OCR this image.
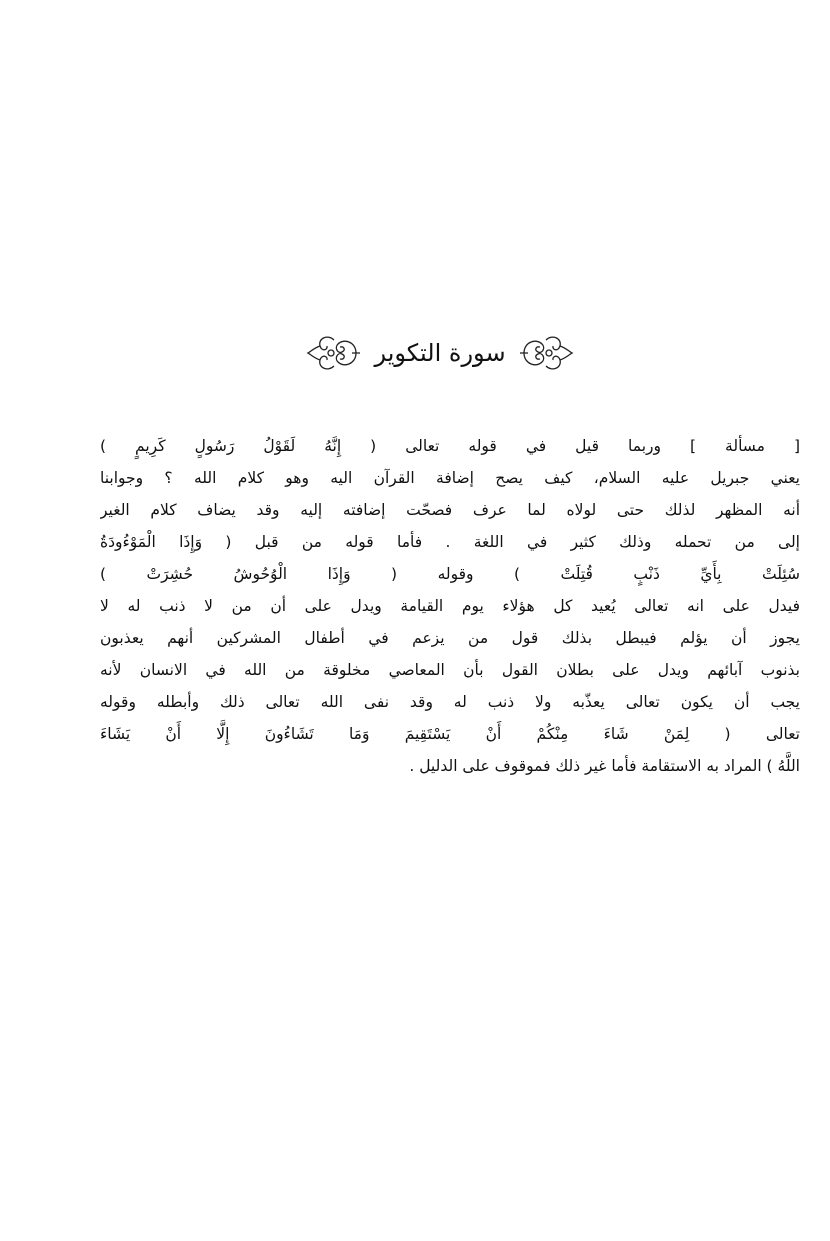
سورة التكوير
[ مسألة ] وربما قيل في قوله تعالى ( إِنَّهُ لَقَوْلُ رَسُولٍ كَرِيمٍ )
يعني جبريل عليه السلام، كيف يصح إضافة القرآن اليه وهو كلام الله ؟ وجوابنا
أنه المظهر لذلك حتى لولاه لما عرف فصحّت إضافته إليه وقد يضاف كلام الغير
إلى من تحمله وذلك كثير في اللغة . فأما قوله من قبل ( وَإِذَا الْمَوْءُودَةُ
سُئِلَتْ بِأَيِّ ذَنْبٍ قُتِلَتْ ) وقوله ( وَإِذَا الْوُحُوشُ حُشِرَتْ )
فيدل على انه تعالى يُعيد كل هؤلاء يوم القيامة ويدل على أن من لا ذنب له لا
يجوز أن يؤلم فيبطل بذلك قول من يزعم في أطفال المشركين أنهم يعذبون
بذنوب آبائهم ويدل على بطلان القول بأن المعاصي مخلوقة من الله في الانسان لأنه
يجب أن يكون تعالى يعذّبه ولا ذنب له وقد نفى الله تعالى ذلك وأبطله وقوله
تعالى ( لِمَنْ شَاءَ مِنْكُمْ أَنْ يَسْتَقِيمَ وَمَا تَشَاءُونَ إِلَّا أَنْ يَشَاءَ
اللَّهُ ) المراد به الاستقامة فأما غير ذلك فموقوف على الدليل .
